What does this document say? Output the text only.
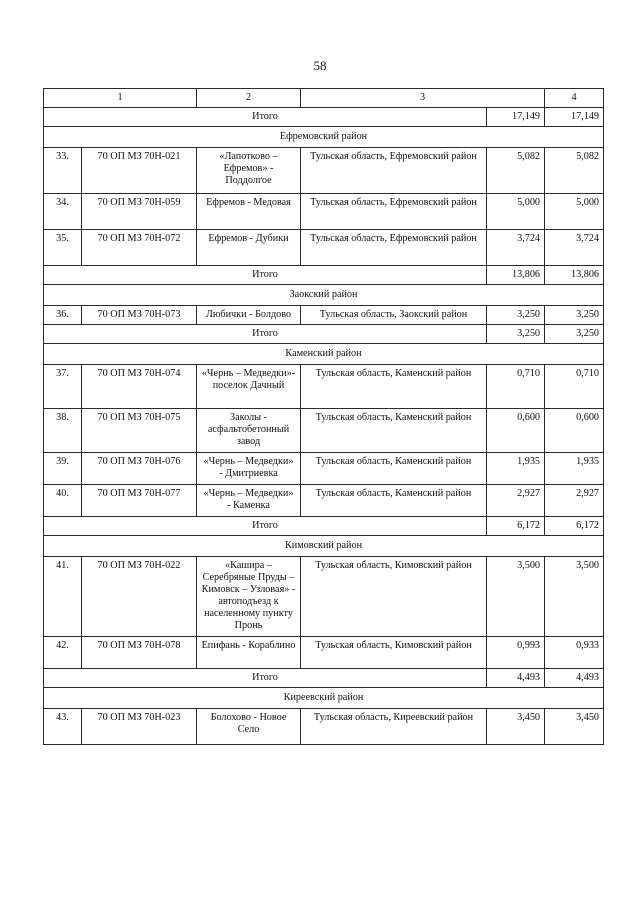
58
1		2	3		4
Итого				17,149	17,149
Ефремовский район					
33.	70 ОП МЗ 70Н-021	«Лапотково – Ефремов» - Поддолгое	Тульская область, Ефремовский район	5,082	5,082
34.	70 ОП МЗ 70Н-059	Ефремов - Медовая	Тульская область, Ефремовский район	5,000	5,000
35.	70 ОП МЗ 70Н-072	Ефремов - Дубики	Тульская область, Ефремовский район	3,724	3,724
Итого				13,806	13,806
Заокский район					
36.	70 ОП МЗ 70Н-073	Любички - Болдово	Тульская область, Заокский район	3,250	3,250
Итого				3,250	3,250
Каменский район					
37.	70 ОП МЗ 70Н-074	«Чернь – Медведки»- поселок Дачный	Тульская область, Каменский район	0,710	0,710
38.	70 ОП МЗ 70Н-075	Заколы - асфальтобетонный завод	Тульская область, Каменский район	0,600	0,600
39.	70 ОП МЗ 70Н-076	«Чернь – Медведки» - Дмитриевка	Тульская область, Каменский район	1,935	1,935
40.	70 ОП МЗ 70Н-077	«Чернь – Медведки» - Каменка	Тульская область, Каменский район	2,927	2,927
Итого				6,172	6,172
Кимовский район					
41.	70 ОП МЗ 70Н-022	«Кашира – Серебряные Пруды – Кимовск – Узловая» - автоподъезд к населенному пункту Пронь	Тульская область, Кимовский район	3,500	3,500
42.	70 ОП МЗ 70Н-078	Епифань - Кораблино	Тульская область, Кимовский район	0,993	0,933
Итого				4,493	4,493
Киреевский район					
43.	70 ОП МЗ 70Н-023	Болохово - Новое Село	Тульская область, Киреевский район	3,450	3,450
